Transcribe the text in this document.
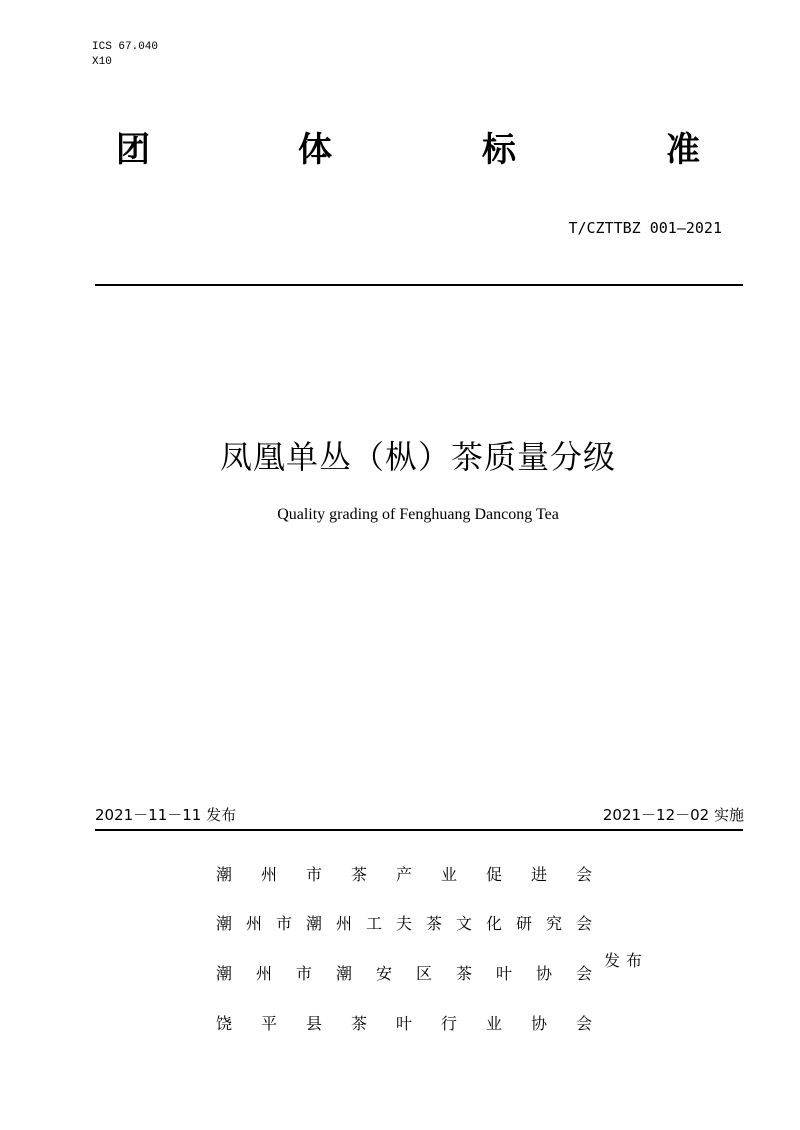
ICS 67.040
X10
团	体	标	准
T/CZTTBZ 001—2021
凤凰单丛（枞）茶质量分级
Quality grading of Fenghuang Dancong Tea
2021－11－11 发布	2021－12－02 实施
潮 州 市 茶 产 业 促 进 会
潮 州 市 潮 州 工 夫 茶 文 化 研 究 会
潮 州 市 潮 安 区 茶 叶 协 会
饶 平 县 茶 叶 行 业 协 会
发布
